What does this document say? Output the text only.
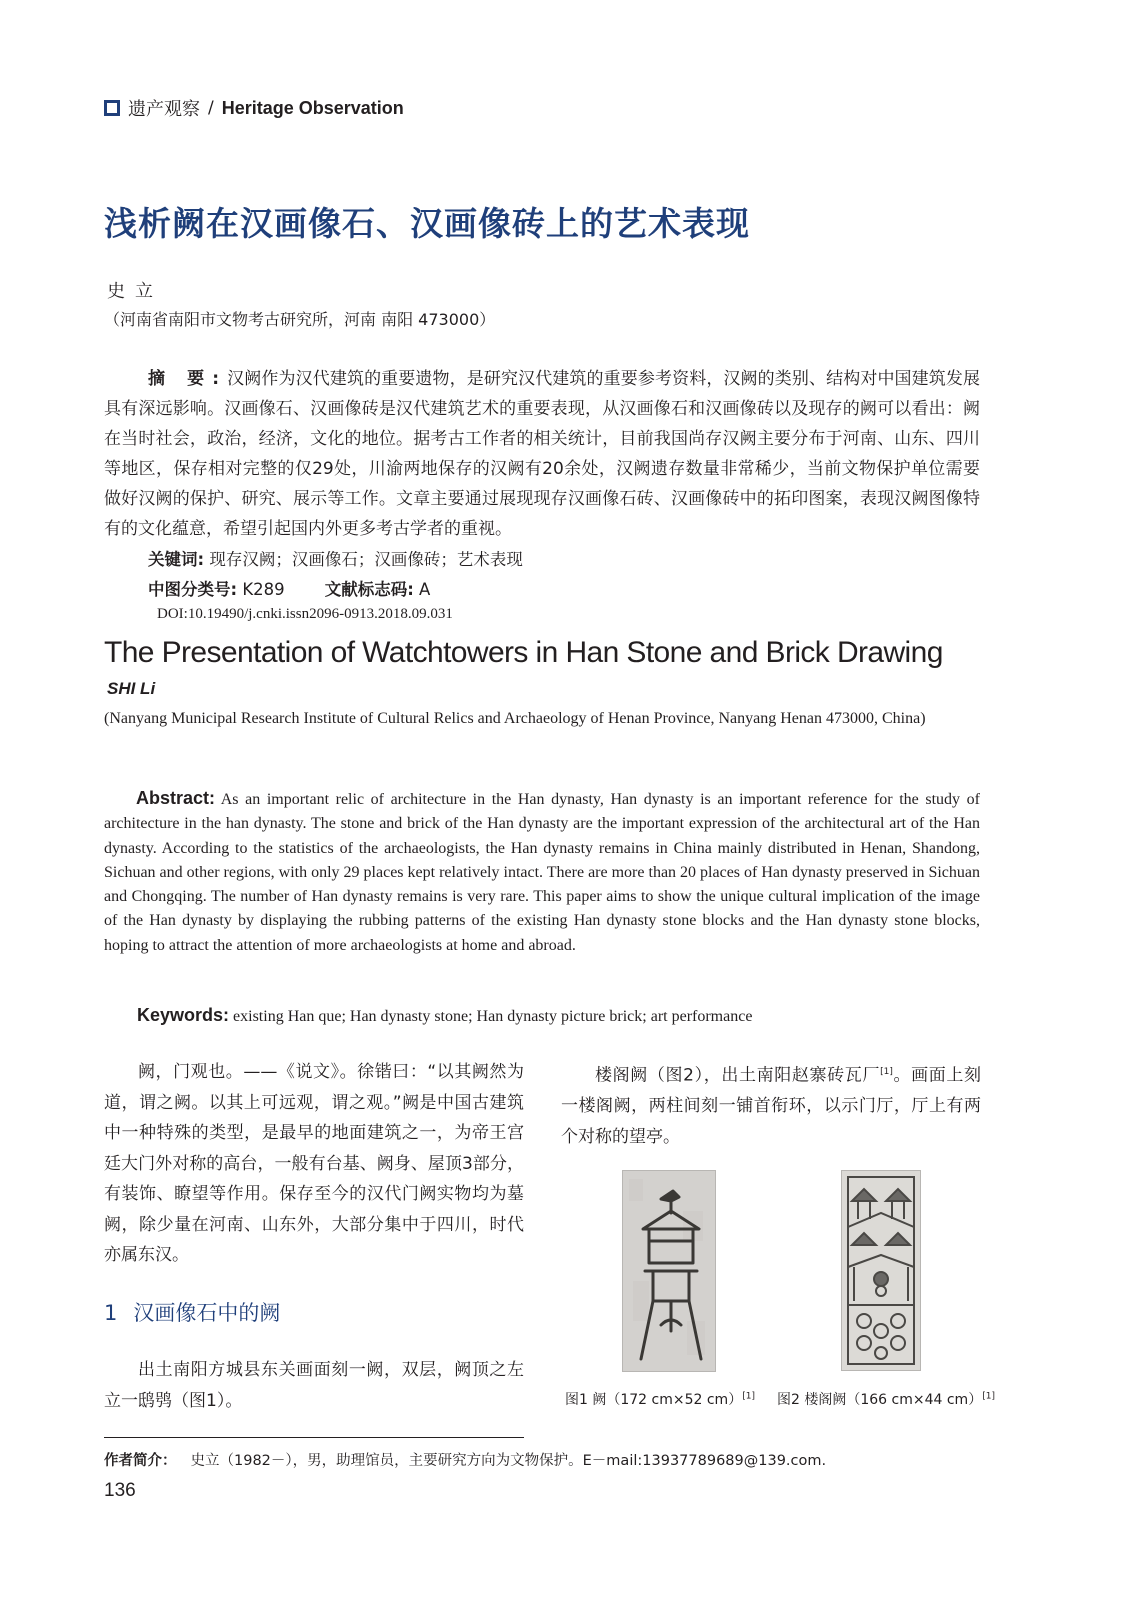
遗产观察 / Heritage Observation
浅析阙在汉画像石、汉画像砖上的艺术表现
史立
（河南省南阳市文物考古研究所，河南 南阳 473000）
摘 要:汉阙作为汉代建筑的重要遗物，是研究汉代建筑的重要参考资料，汉阙的类别、结构对中国建筑发展具有深远影响。汉画像石、汉画像砖是汉代建筑艺术的重要表现，从汉画像石和汉画像砖以及现存的阙可以看出：阙在当时社会，政治，经济，文化的地位。据考古工作者的相关统计，目前我国尚存汉阙主要分布于河南、山东、四川等地区，保存相对完整的仅29处，川渝两地保存的汉阙有20余处，汉阙遗存数量非常稀少，当前文物保护单位需要做好汉阙的保护、研究、展示等工作。文章主要通过展现现存汉画像石砖、汉画像砖中的拓印图案，表现汉阙图像特有的文化蕴意，希望引起国内外更多考古学者的重视。
关键词: 现存汉阙；汉画像石；汉画像砖；艺术表现
中图分类号: K289 文献标志码: A
DOI:10.19490/j.cnki.issn2096-0913.2018.09.031
The Presentation of Watchtowers in Han Stone and Brick Drawing
SHI Li
(Nanyang Municipal Research Institute of Cultural Relics and Archaeology of Henan Province, Nanyang Henan 473000, China)
Abstract: As an important relic of architecture in the Han dynasty, Han dynasty is an important reference for the study of architecture in the han dynasty. The stone and brick of the Han dynasty are the important expression of the architectural art of the Han dynasty. According to the statistics of the archaeologists, the Han dynasty remains in China mainly distributed in Henan, Shandong, Sichuan and other regions, with only 29 places kept relatively intact. There are more than 20 places of Han dynasty preserved in Sichuan and Chongqing. The number of Han dynasty remains is very rare. This paper aims to show the unique cultural implication of the image of the Han dynasty by displaying the rubbing patterns of the existing Han dynasty stone blocks and the Han dynasty stone blocks, hoping to attract the attention of more archaeologists at home and abroad.
Keywords: existing Han que; Han dynasty stone; Han dynasty picture brick; art performance
阙，门观也。——《说文》。徐锴曰：“以其阙然为道，谓之阙。以其上可远观，谓之观。”阙是中国古建筑中一种特殊的类型，是最早的地面建筑之一，为帝王宫廷大门外对称的高台，一般有台基、阙身、屋顶3部分，有装饰、瞭望等作用。保存至今的汉代门阙实物均为墓阙，除少量在河南、山东外，大部分集中于四川，时代亦属东汉。
1 汉画像石中的阙
出土南阳方城县东关画面刻一阙，双层，阙顶之左立一鸱鸮（图1）。
楼阁阙（图2），出土南阳赵寨砖瓦厂[1]。画面上刻一楼阁阙，两柱间刻一铺首衔环，以示门厅，厅上有两个对称的望亭。
图1 阙（172 cm×52 cm）[1] 图2 楼阁阙（166 cm×44 cm）[1]
作者简介： 史立（1982－），男，助理馆员，主要研究方向为文物保护。E－mail:13937789689@139.com.
136
